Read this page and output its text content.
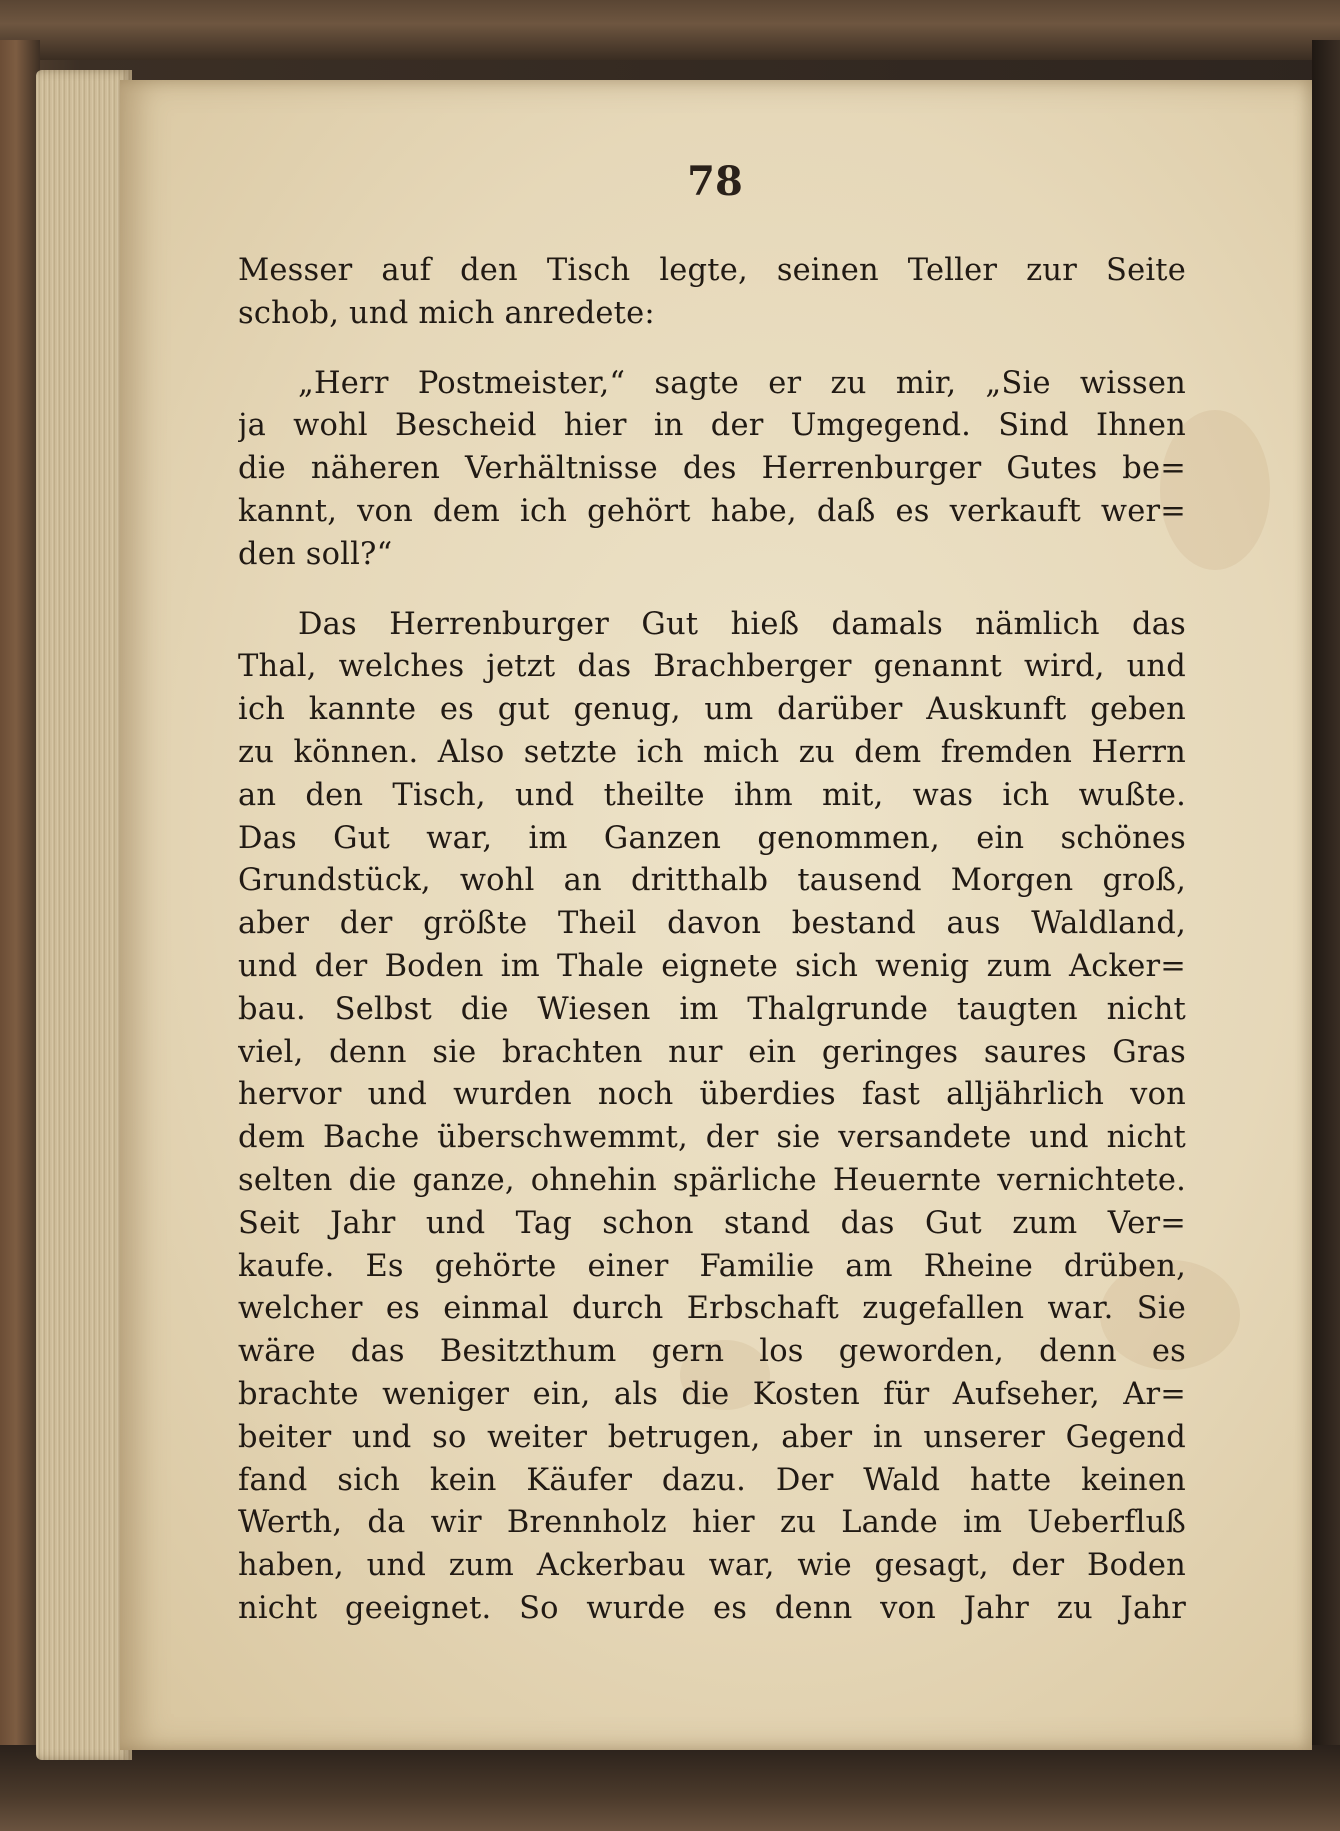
78
Messer auf den Tisch legte, seinen Teller zur Seite
schob, und mich anredete:
„Herr Postmeister,“ sagte er zu mir, „Sie wissen
ja wohl Bescheid hier in der Umgegend. Sind Ihnen
die näheren Verhältnisse des Herrenburger Gutes be=
kannt, von dem ich gehört habe, daß es verkauft wer=
den soll?“
Das Herrenburger Gut hieß damals nämlich das
Thal, welches jetzt das Brachberger genannt wird, und
ich kannte es gut genug, um darüber Auskunft geben
zu können. Also setzte ich mich zu dem fremden Herrn
an den Tisch, und theilte ihm mit, was ich wußte.
Das Gut war, im Ganzen genommen, ein schönes
Grundstück, wohl an dritthalb tausend Morgen groß,
aber der größte Theil davon bestand aus Waldland,
und der Boden im Thale eignete sich wenig zum Acker=
bau. Selbst die Wiesen im Thalgrunde taugten nicht
viel, denn sie brachten nur ein geringes saures Gras
hervor und wurden noch überdies fast alljährlich von
dem Bache überschwemmt, der sie versandete und nicht
selten die ganze, ohnehin spärliche Heuernte vernichtete.
Seit Jahr und Tag schon stand das Gut zum Ver=
kaufe. Es gehörte einer Familie am Rheine drüben,
welcher es einmal durch Erbschaft zugefallen war. Sie
wäre das Besitzthum gern los geworden, denn es
brachte weniger ein, als die Kosten für Aufseher, Ar=
beiter und so weiter betrugen, aber in unserer Gegend
fand sich kein Käufer dazu. Der Wald hatte keinen
Werth, da wir Brennholz hier zu Lande im Ueberfluß
haben, und zum Ackerbau war, wie gesagt, der Boden
nicht geeignet. So wurde es denn von Jahr zu Jahr
